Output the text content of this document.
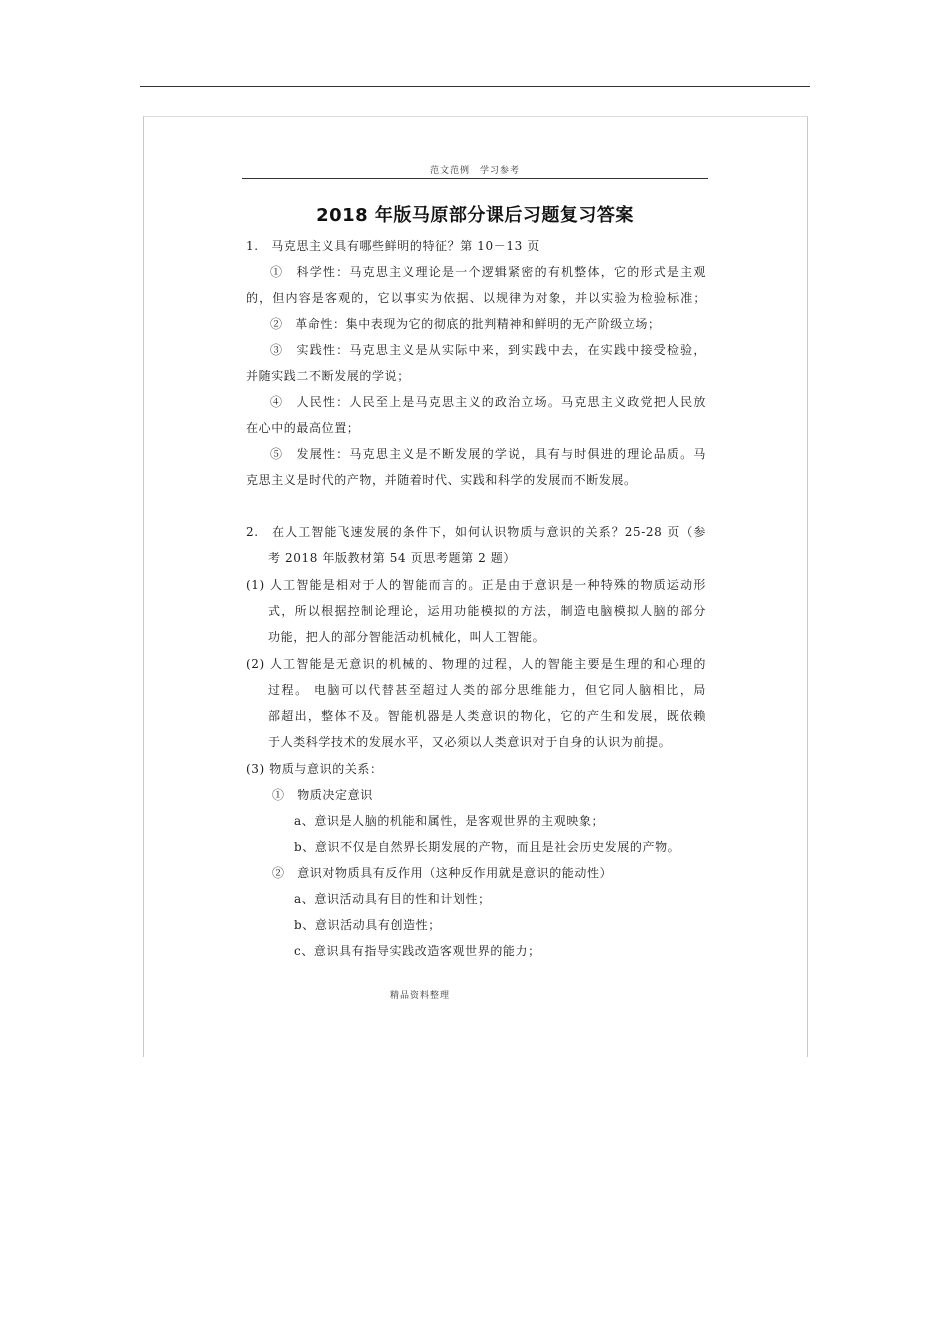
范文范例　学习参考
2018 年版马原部分课后习题复习答案
1.　马克思主义具有哪些鲜明的特征？第 10－13 页
①　科学性：马克思主义理论是一个逻辑紧密的有机整体，它的形式是主观
的，但内容是客观的，它以事实为依据、以规律为对象，并以实验为检验标准；
②　革命性：集中表现为它的彻底的批判精神和鲜明的无产阶级立场；
③　实践性：马克思主义是从实际中来，到实践中去，在实践中接受检验，
并随实践二不断发展的学说；
④　人民性：人民至上是马克思主义的政治立场。马克思主义政党把人民放
在心中的最高位置；
⑤　发展性：马克思主义是不断发展的学说，具有与时俱进的理论品质。马
克思主义是时代的产物，并随着时代、实践和科学的发展而不断发展。
2.　在人工智能飞速发展的条件下，如何认识物质与意识的关系？25-28 页（参
考 2018 年版教材第 54 页思考题第 2 题）
(1) 人工智能是相对于人的智能而言的。正是由于意识是一种特殊的物质运动形
式，所以根据控制论理论，运用功能模拟的方法，制造电脑模拟人脑的部分
功能，把人的部分智能活动机械化，叫人工智能。
(2) 人工智能是无意识的机械的、物理的过程，人的智能主要是生理的和心理的
过程。 电脑可以代替甚至超过人类的部分思维能力，但它同人脑相比，局
部超出，整体不及。智能机器是人类意识的物化，它的产生和发展，既依赖
于人类科学技术的发展水平，又必须以人类意识对于自身的认识为前提。
(3) 物质与意识的关系：
①　物质决定意识
a、意识是人脑的机能和属性，是客观世界的主观映象；
b、意识不仅是自然界长期发展的产物，而且是社会历史发展的产物。
②　意识对物质具有反作用（这种反作用就是意识的能动性）
a、意识活动具有目的性和计划性；
b、意识活动具有创造性；
c、意识具有指导实践改造客观世界的能力；
精品资料整理
